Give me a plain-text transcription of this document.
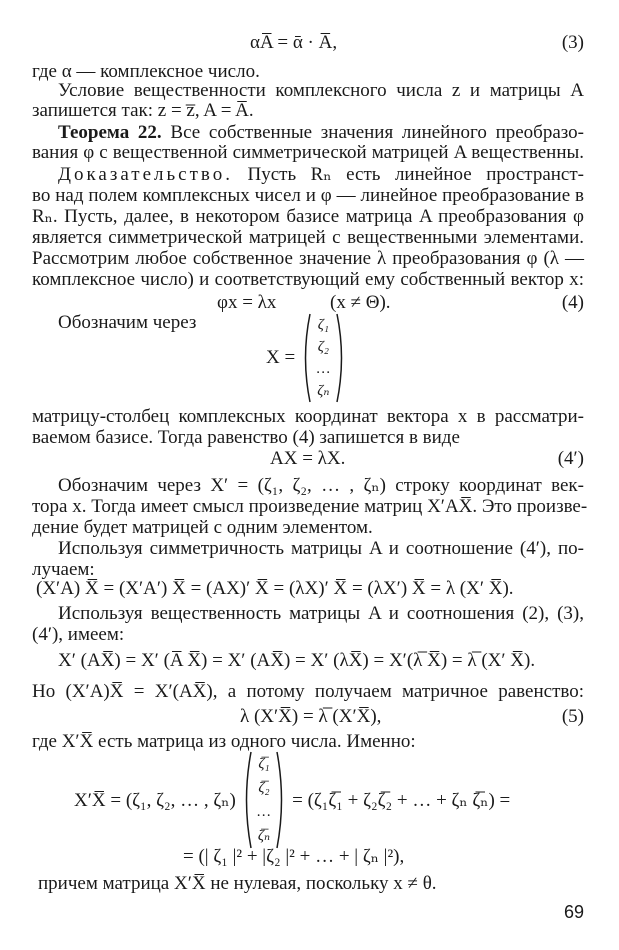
αA̅ = ᾱ · A̅,	(3)
где α — комплексное число.
Условие вещественности комплексного числа z и матрицы A
запишется так: z = z̅, A = A̅.
Теорема 22. Все собственные значения линейного преобразо-
вания φ с вещественной симметрической матрицей A вещественны.
Доказательство. Пусть Rₙ есть линейное пространст-
во над полем комплексных чисел и φ — линейное преобразование в
Rₙ. Пусть, далее, в некотором базисе матрица A преобразования φ
является симметрической матрицей с вещественными элементами.
Рассмотрим любое собственное значение λ преобразования φ (λ —
комплексное число) и соответствующий ему собственный вектор x:
φx = λx	(x ≠ Θ).	(4)
Обозначим через
X =  ζ₁
ζ₂
…
ζₙ
матрицу-столбец комплексных координат вектора x в рассматри-
ваемом базисе. Тогда равенство (4) запишется в виде
AX = λX.	(4′)
Обозначим через X′ = (ζ₁, ζ₂, … , ζₙ) строку координат век-
тора x. Тогда имеет смысл произведение матриц X′AX̅. Это произве-
дение будет матрицей с одним элементом.
Используя симметричность матрицы A и соотношение (4′), по-
лучаем:
(X′A) X̅ = (X′A′) X̅ = (AX)′ X̅ = (λX)′ X̅ = (λX′) X̅ = λ (X′ X̅).
Используя вещественность матрицы A и соотношения (2), (3),
(4′), имеем:
X′ (AX̅) = X′ (A̅ X̅) = X′ (AX̅) = X′ (λX̅) = X′(λ̅ X̅) = λ̅ (X′ X̅).
Но (X′A)X̅ = X′(AX̅), а потому получаем матричное равенство:
λ (X′X̅) = λ̅ (X′X̅),	(5)
где X′X̅ есть матрица из одного числа. Именно:
X′X̅ = (ζ₁, ζ₂, … , ζₙ)  ζ̅₁
ζ̅₂
…
ζ̅ₙ  = (ζ₁ζ̅₁ + ζ₂ζ̅₂ + … + ζₙ ζ̅ₙ) =
= (| ζ₁ |² + |ζ₂ |² + … + | ζₙ |²),
причем матрица X′X̅ не нулевая, поскольку x ≠ θ.
69
